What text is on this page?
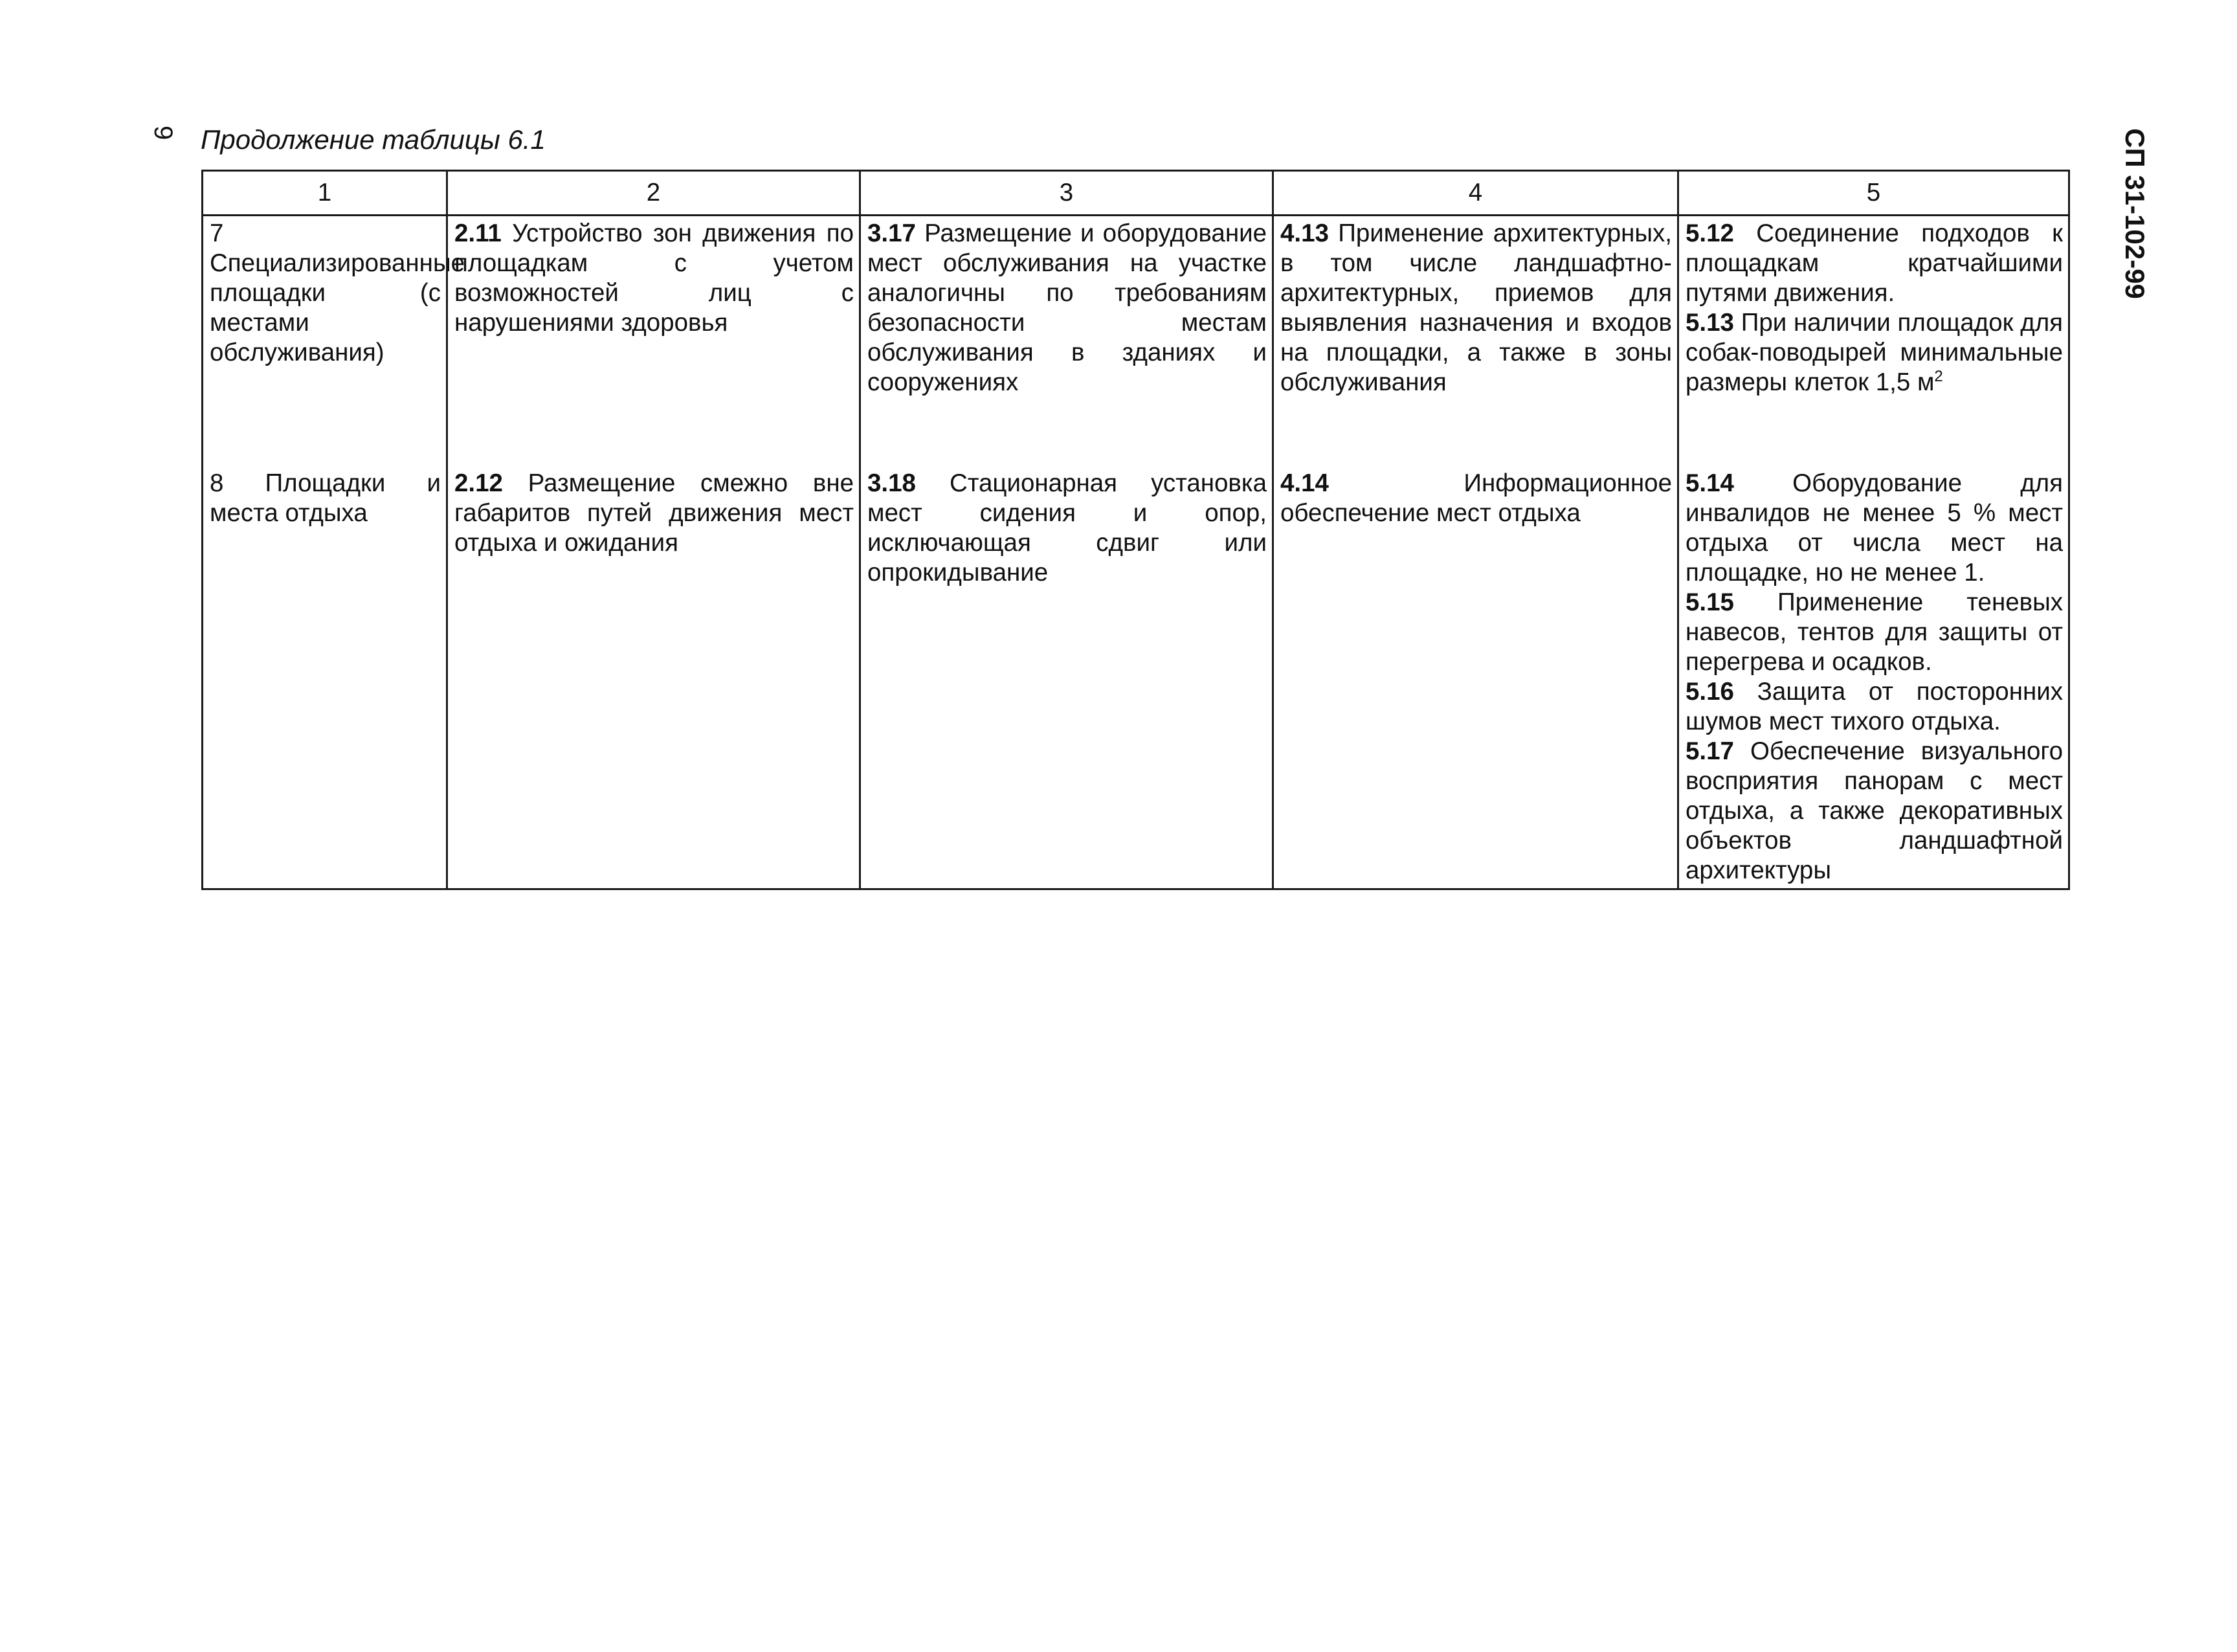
9 Продолжение таблицы 6.1	СП 31-102-99
1	2	3	4	5

7 Специализированные площадки (с местами обслуживания)	2.11 Устройство зон движения по площадкам с учетом возможностей лиц с нарушениями здоровья	3.17 Размещение и оборудование мест обслуживания на участке аналогичны по требованиям безопасности местам обслуживания в зданиях и сооружениях	4.13 Применение архитектурных, в том числе ландшафтно-архитектурных, приемов для выявления назначения и входов на площадки, а также в зоны обслуживания	5.12 Соединение подходов к площадкам кратчайшими путями движения.
5.13 При наличии площадок для собак-поводырей минимальные размеры клеток 1,5 $м^2$

8 Площадки и места отдыха	2.12 Размещение смежно вне габаритов путей движения мест отдыха и ожидания	3.18 Стационарная установка мест сидения и опор, исключающая сдвиг или опрокидывание	4.14 Информационное обеспечение мест отдыха	5.14 Оборудование для инвалидов не менее 5 % мест отдыха от числа мест на площадке, но не менее 1.
5.15 Применение теневых навесов, тентов для защиты от перегрева и осадков.
5.16 Защита от посторонних шумов мест тихого отдыха.
5.17 Обеспечение визуального восприятия панорам с мест отдыха, а также декоративных объектов ландшафтной архитектуры
